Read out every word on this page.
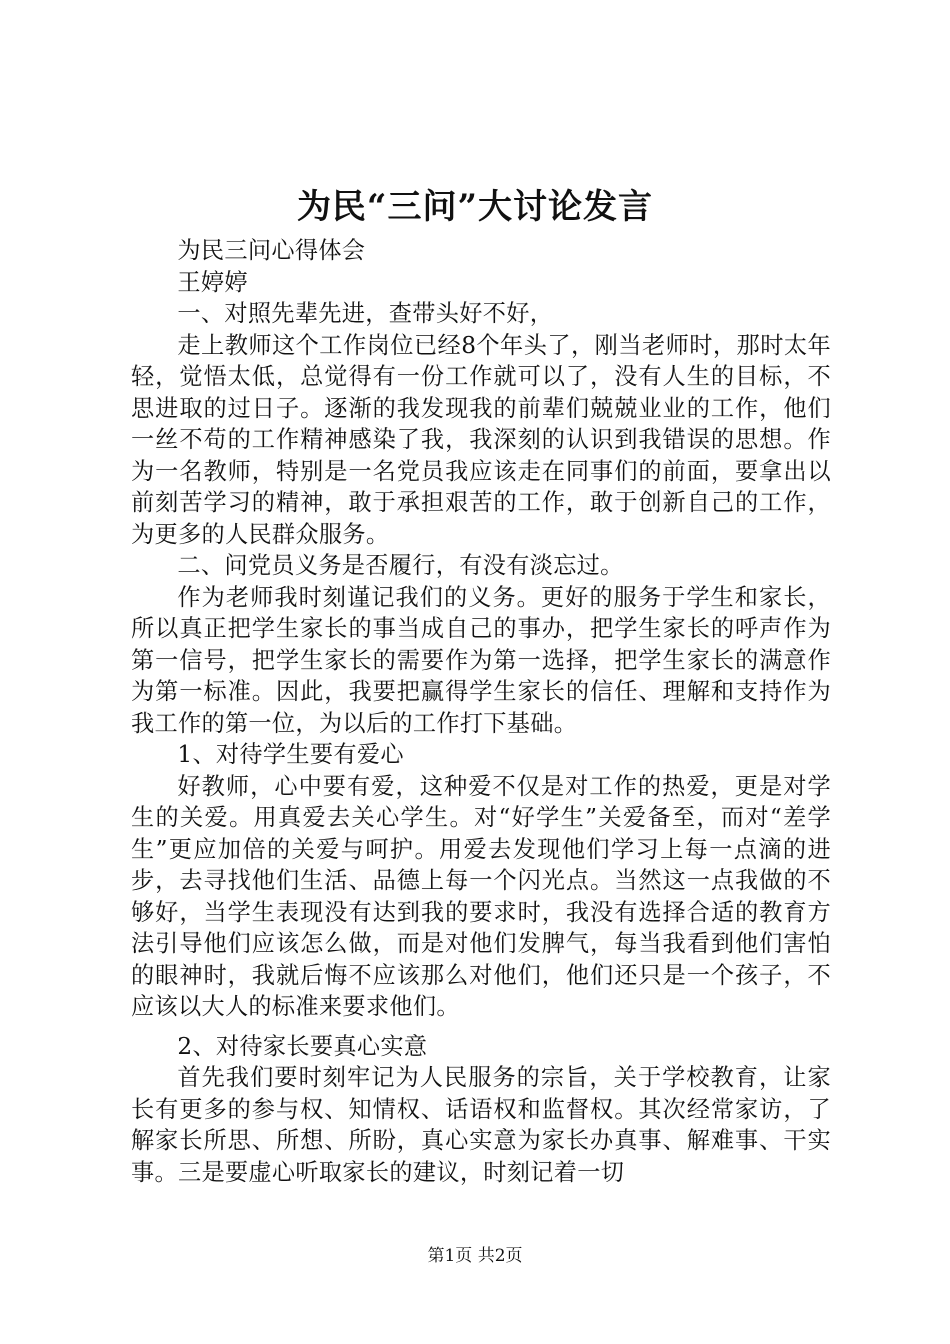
为民“三问”大讨论发言

为民三问心得体会

王婷婷

一、对照先辈先进，查带头好不好，

走上教师这个工作岗位已经8个年头了，刚当老师时，那时太年轻，觉悟太低，总觉得有一份工作就可以了，没有人生的目标，不思进取的过日子。逐渐的我发现我的前辈们兢兢业业的工作，他们一丝不苟的工作精神感染了我，我深刻的认识到我错误的思想。作为一名教师，特别是一名党员我应该走在同事们的前面，要拿出以前刻苦学习的精神，敢于承担艰苦的工作，敢于创新自己的工作，为更多的人民群众服务。

二、问党员义务是否履行，有没有淡忘过。

作为老师我时刻谨记我们的义务。更好的服务于学生和家长，所以真正把学生家长的事当成自己的事办，把学生家长的呼声作为第一信号，把学生家长的需要作为第一选择，把学生家长的满意作为第一标准。因此，我要把赢得学生家长的信任、理解和支持作为我工作的第一位，为以后的工作打下基础。

1、对待学生要有爱心

好教师，心中要有爱，这种爱不仅是对工作的热爱，更是对学生的关爱。用真爱去关心学生。对“好学生”关爱备至，而对“差学生”更应加倍的关爱与呵护。用爱去发现他们学习上每一点滴的进步，去寻找他们生活、品德上每一个闪光点。当然这一点我做的不够好，当学生表现没有达到我的要求时，我没有选择合适的教育方法引导他们应该怎么做，而是对他们发脾气，每当我看到他们害怕的眼神时，我就后悔不应该那么对他们，他们还只是一个孩子，不应该以大人的标准来要求他们。

2、对待家长要真心实意

首先我们要时刻牢记为人民服务的宗旨，关于学校教育，让家长有更多的参与权、知情权、话语权和监督权。其次经常家访，了解家长所思、所想、所盼，真心实意为家长办真事、解难事、干实事。三是要虚心听取家长的建议，时刻记着一切

第1页 共2页
